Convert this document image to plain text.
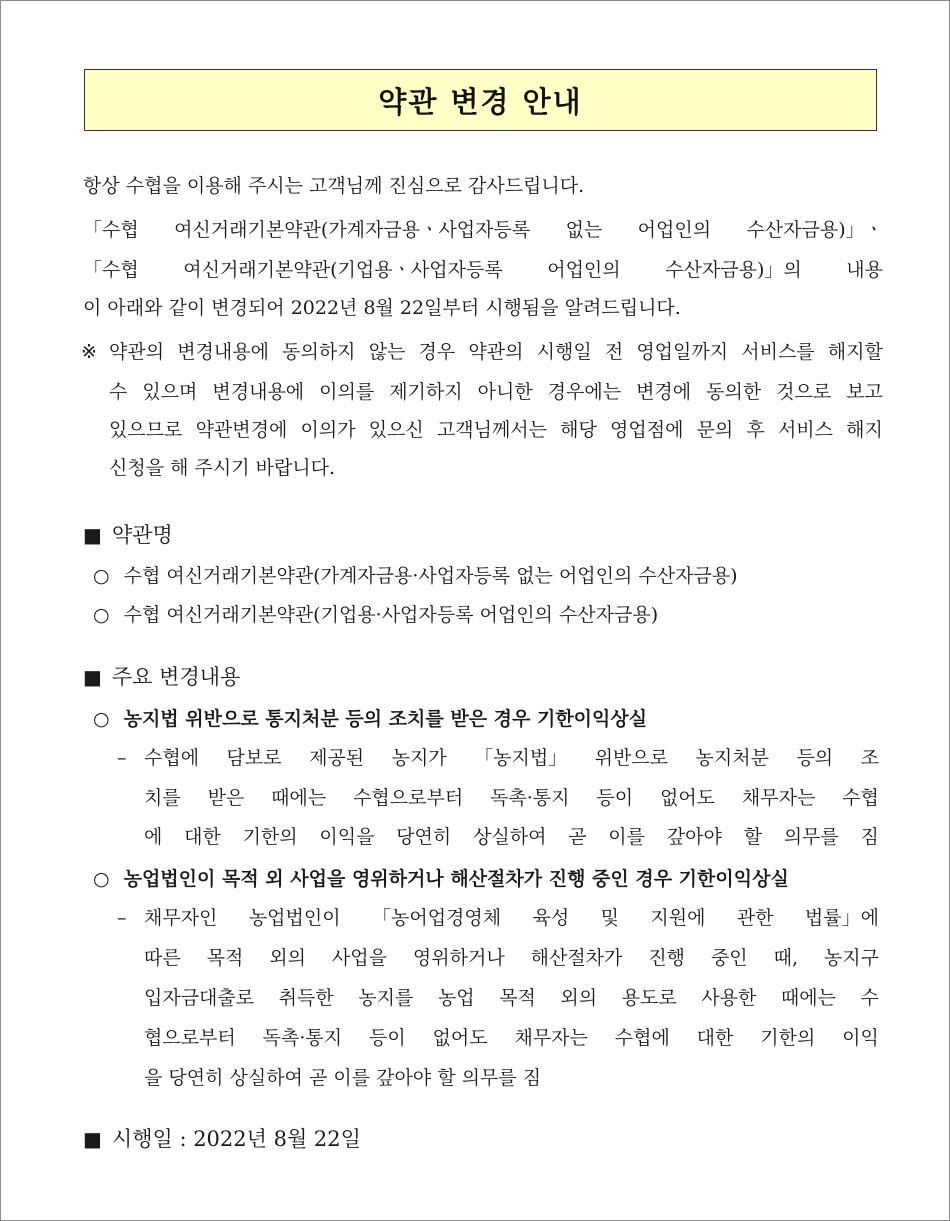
약관 변경 안내
항상 수협을 이용해 주시는 고객님께 진심으로 감사드립니다.
「수협 여신거래기본약관(가계자금용ㆍ사업자등록 없는 어업인의 수산자금용)」ㆍ
「수협 여신거래기본약관(기업용ㆍ사업자등록 어업인의 수산자금용)」의 내용
이 아래와 같이 변경되어 2022년 8월 22일부터 시행됨을 알려드립니다.
※ 약관의 변경내용에 동의하지 않는 경우 약관의 시행일 전 영업일까지 서비스를 해지할
수 있으며 변경내용에 이의를 제기하지 아니한 경우에는 변경에 동의한 것으로 보고
있으므로 약관변경에 이의가 있으신 고객님께서는 해당 영업점에 문의 후 서비스 해지
신청을 해 주시기 바랍니다.
■ 약관명
○ 수협 여신거래기본약관(가계자금용·사업자등록 없는 어업인의 수산자금용)
○ 수협 여신거래기본약관(기업용·사업자등록 어업인의 수산자금용)
■ 주요 변경내용
○ 농지법 위반으로 통지처분 등의 조치를 받은 경우 기한이익상실
– 수협에 담보로 제공된 농지가 「농지법」 위반으로 농지처분 등의 조
치를 받은 때에는 수협으로부터 독촉·통지 등이 없어도 채무자는 수협
에 대한 기한의 이익을 당연히 상실하여 곧 이를 갚아야 할 의무를 짐
○ 농업법인이 목적 외 사업을 영위하거나 해산절차가 진행 중인 경우 기한이익상실
– 채무자인 농업법인이 「농어업경영체 육성 및 지원에 관한 법률」에
따른 목적 외의 사업을 영위하거나 해산절차가 진행 중인 때, 농지구
입자금대출로 취득한 농지를 농업 목적 외의 용도로 사용한 때에는 수
협으로부터 독촉·통지 등이 없어도 채무자는 수협에 대한 기한의 이익
을 당연히 상실하여 곧 이를 갚아야 할 의무를 짐
■ 시행일 : 2022년 8월 22일
